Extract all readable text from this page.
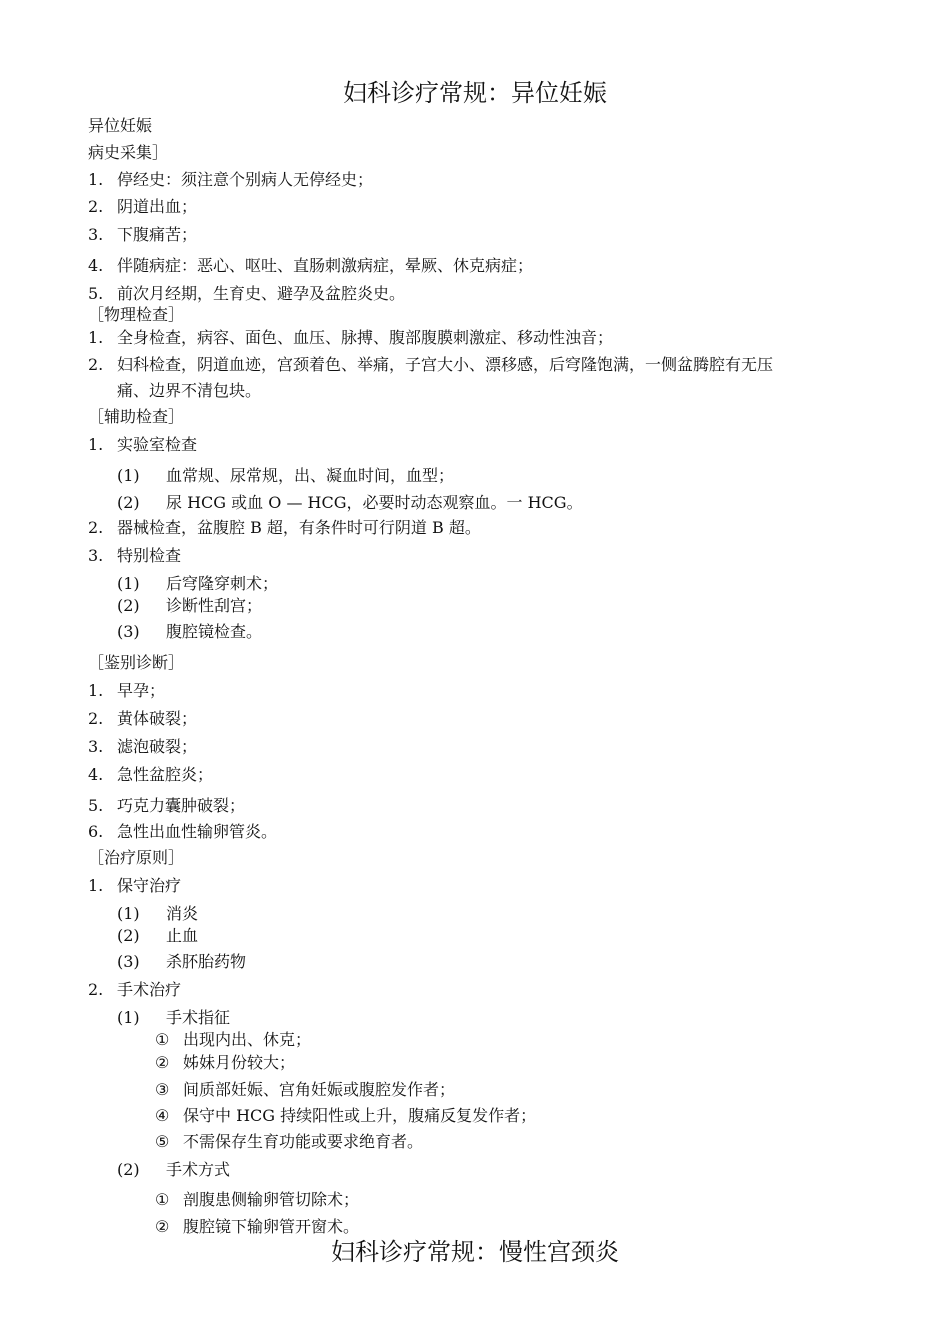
妇科诊疗常规：异位妊娠
异位妊娠
病史采集］
1. 停经史：须注意个别病人无停经史；
2. 阴道出血；
3. 下腹痛苦；
4. 伴随病症：恶心、呕吐、直肠刺激病症，晕厥、休克病症；
5. 前次月经期，生育史、避孕及盆腔炎史。
［物理检查］
1. 全身检查，病容、面色、血压、脉搏、腹部腹膜刺激症、移动性浊音；
2. 妇科检查，阴道血迹，宫颈着色、举痛，子宫大小、漂移感，后穹隆饱满，一侧盆腾腔有无压
痛、边界不清包块。
［辅助检查］
1. 实验室检查
(1) 血常规、尿常规，出、凝血时间，血型；
(2) 尿 HCG 或血 O — HCG，必要时动态观察血。一 HCG。
2. 器械检查，盆腹腔 B 超，有条件时可行阴道 B 超。
3. 特别检查
(1) 后穹隆穿刺术；
(2) 诊断性刮宫；
(3) 腹腔镜检查。
［鉴别诊断］
1. 早孕；
2. 黄体破裂；
3. 滤泡破裂；
4. 急性盆腔炎；
5. 巧克力囊肿破裂；
6. 急性出血性输卵管炎。
［治疗原则］
1. 保守治疗
(1) 消炎
(2) 止血
(3) 杀肧胎药物
2. 手术治疗
(1) 手术指征
① 出现内出、休克；
② 姊妹月份较大；
③ 间质部妊娠、宫角妊娠或腹腔发作者；
④ 保守中 HCG 持续阳性或上升，腹痛反复发作者；
⑤ 不需保存生育功能或要求绝育者。
(2) 手术方式
① 剖腹患侧输卵管切除术；
② 腹腔镜下输卵管开窗术。
妇科诊疗常规：慢性宫颈炎
